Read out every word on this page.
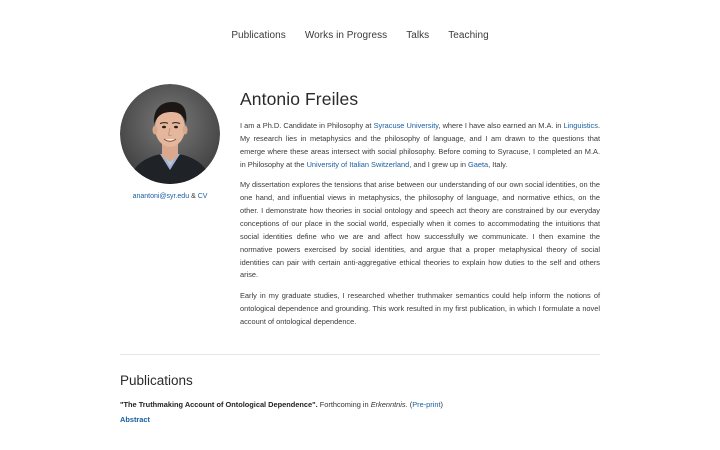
Publications Works in Progress Talks Teaching
anantoni@syr.edu & CV
Antonio Freiles

I am a Ph.D. Candidate in Philosophy at Syracuse University, where I have also earned an M.A. in Linguistics. My research lies in metaphysics and the philosophy of language, and I am drawn to the questions that emerge where these areas intersect with social philosophy. Before coming to Syracuse, I completed an M.A. in Philosophy at the University of Italian Switzerland, and I grew up in Gaeta, Italy.

My dissertation explores the tensions that arise between our understanding of our own social identities, on the one hand, and influential views in metaphysics, the philosophy of language, and normative ethics, on the other. I demonstrate how theories in social ontology and speech act theory are constrained by our everyday conceptions of our place in the social world, especially when it comes to accommodating the intuitions that social identities define who we are and affect how successfully we communicate. I then examine the normative powers exercised by social identities, and argue that a proper metaphysical theory of social identities can pair with certain anti-aggregative ethical theories to explain how duties to the self and others arise.

Early in my graduate studies, I researched whether truthmaker semantics could help inform the notions of ontological dependence and grounding. This work resulted in my first publication, in which I formulate a novel account of ontological dependence.

Publications
"The Truthmaking Account of Ontological Dependence". Forthcoming in Erkenntnis. (Pre-print)
Abstract
